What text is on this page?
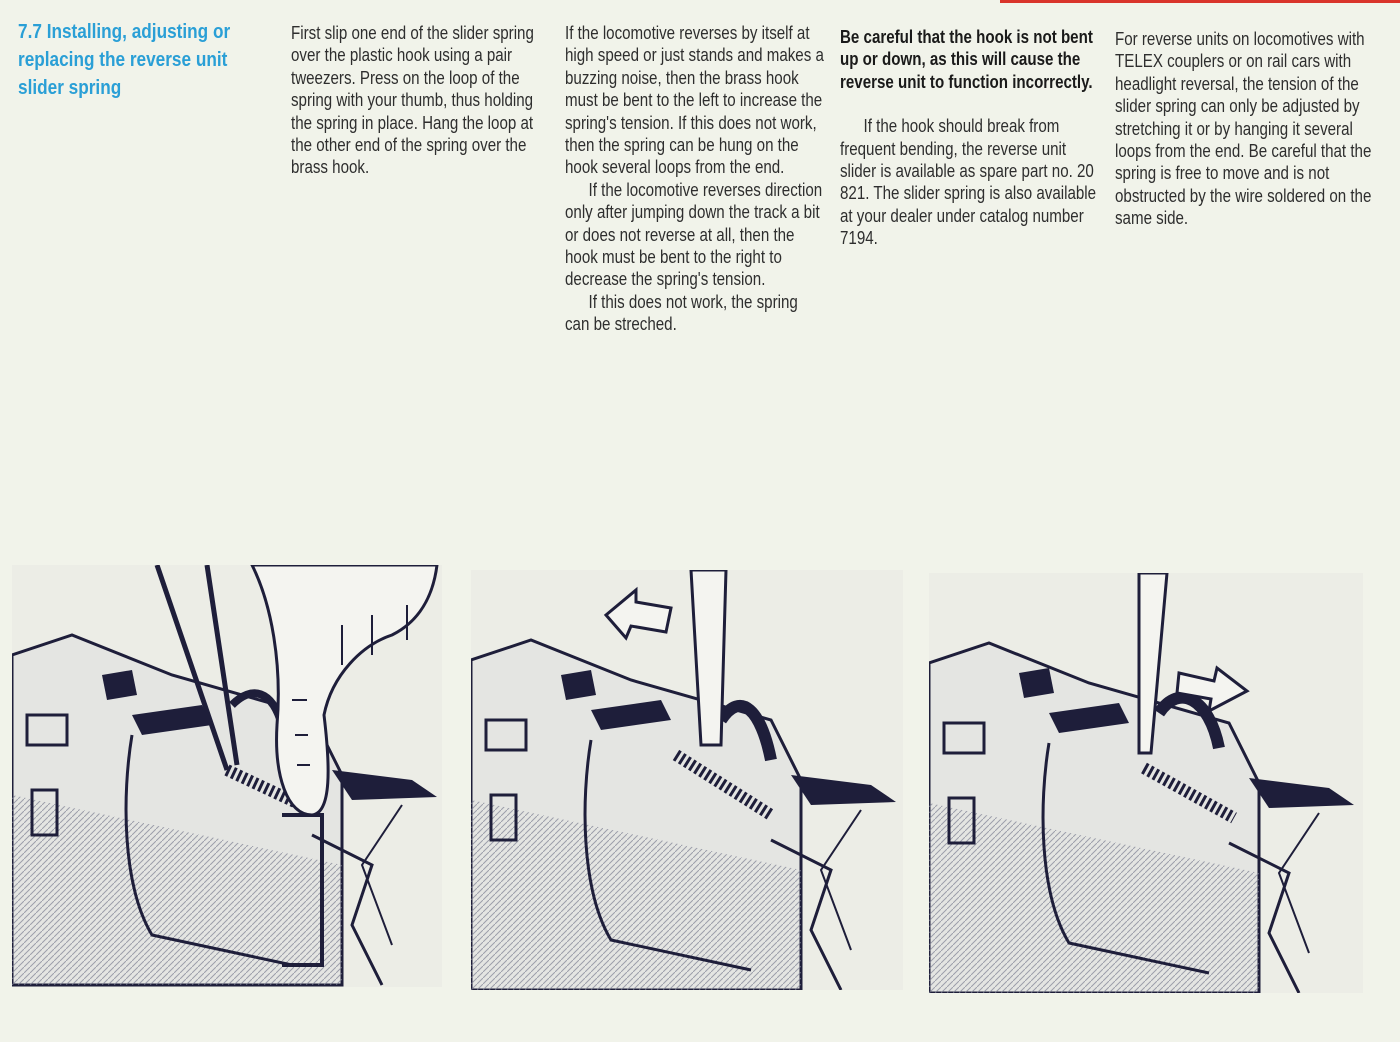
7.7 Installing, adjusting or replacing the reverse unit slider spring

First slip one end of the slider spring over the plastic hook using a pair tweezers. Press on the loop of the spring with your thumb, thus holding the spring in place. Hang the loop at the other end of the spring over the brass hook.

If the locomotive reverses by itself at high speed or just stands and makes a buzzing noise, then the brass hook must be bent to the left to increase the spring's tension. If this does not work, then the spring can be hung on the hook several loops from the end.

If the locomotive reverses direction only after jumping down the track a bit or does not reverse at all, then the hook must be bent to the right to decrease the spring's tension.

If this does not work, the spring can be streched.

Be careful that the hook is not bent up or down, as this will cause the reverse unit to function incorrectly.

If the hook should break from frequent bending, the reverse unit slider is available as spare part no. 20 821. The slider spring is also available at your dealer under catalog number 7194.

For reverse units on locomotives with TELEX couplers or on rail cars with headlight reversal, the tension of the slider spring can only be adjusted by stretching it or by hanging it several loops from the end. Be careful that the spring is free to move and is not obstructed by the wire soldered on the same side.
